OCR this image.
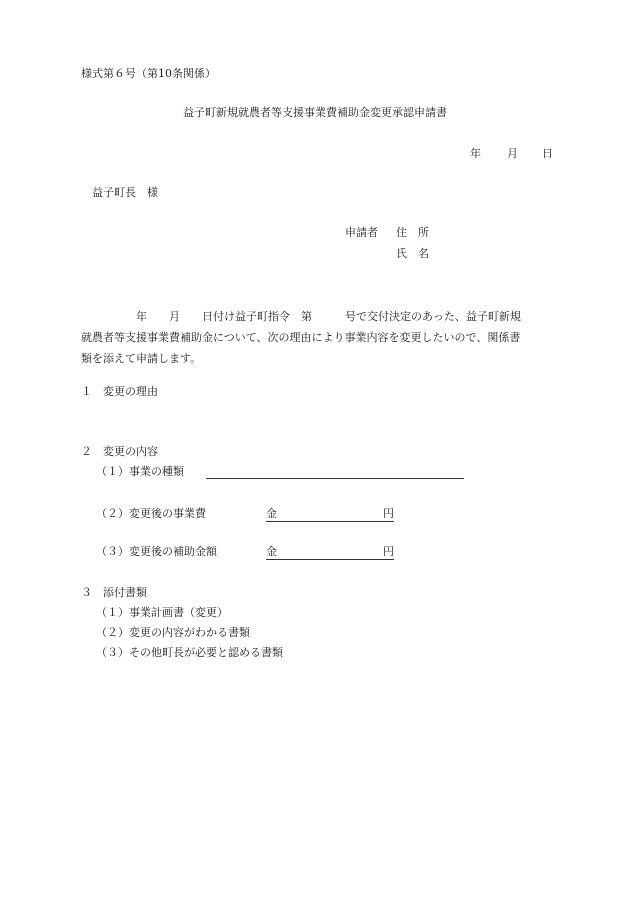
様式第６号（第10条関係）
益子町新規就農者等支援事業費補助金変更承認申請書
年 月 日
益子町長　様
申請者 住　所
氏　名
　　　　　年　　月　　日付け益子町指令　第　　　号で交付決定のあった、益子町新規
就農者等支援事業費補助金について、次の理由により事業内容を変更したいので、関係書
類を添えて申請します。
１　変更の理由
２　変更の内容
（１）事業の種類
（２）変更後の事業費	金	円
（３）変更後の補助金額	金	円
３　添付書類
（１）事業計画書（変更）
（２）変更の内容がわかる書類
（３）その他町長が必要と認める書類
